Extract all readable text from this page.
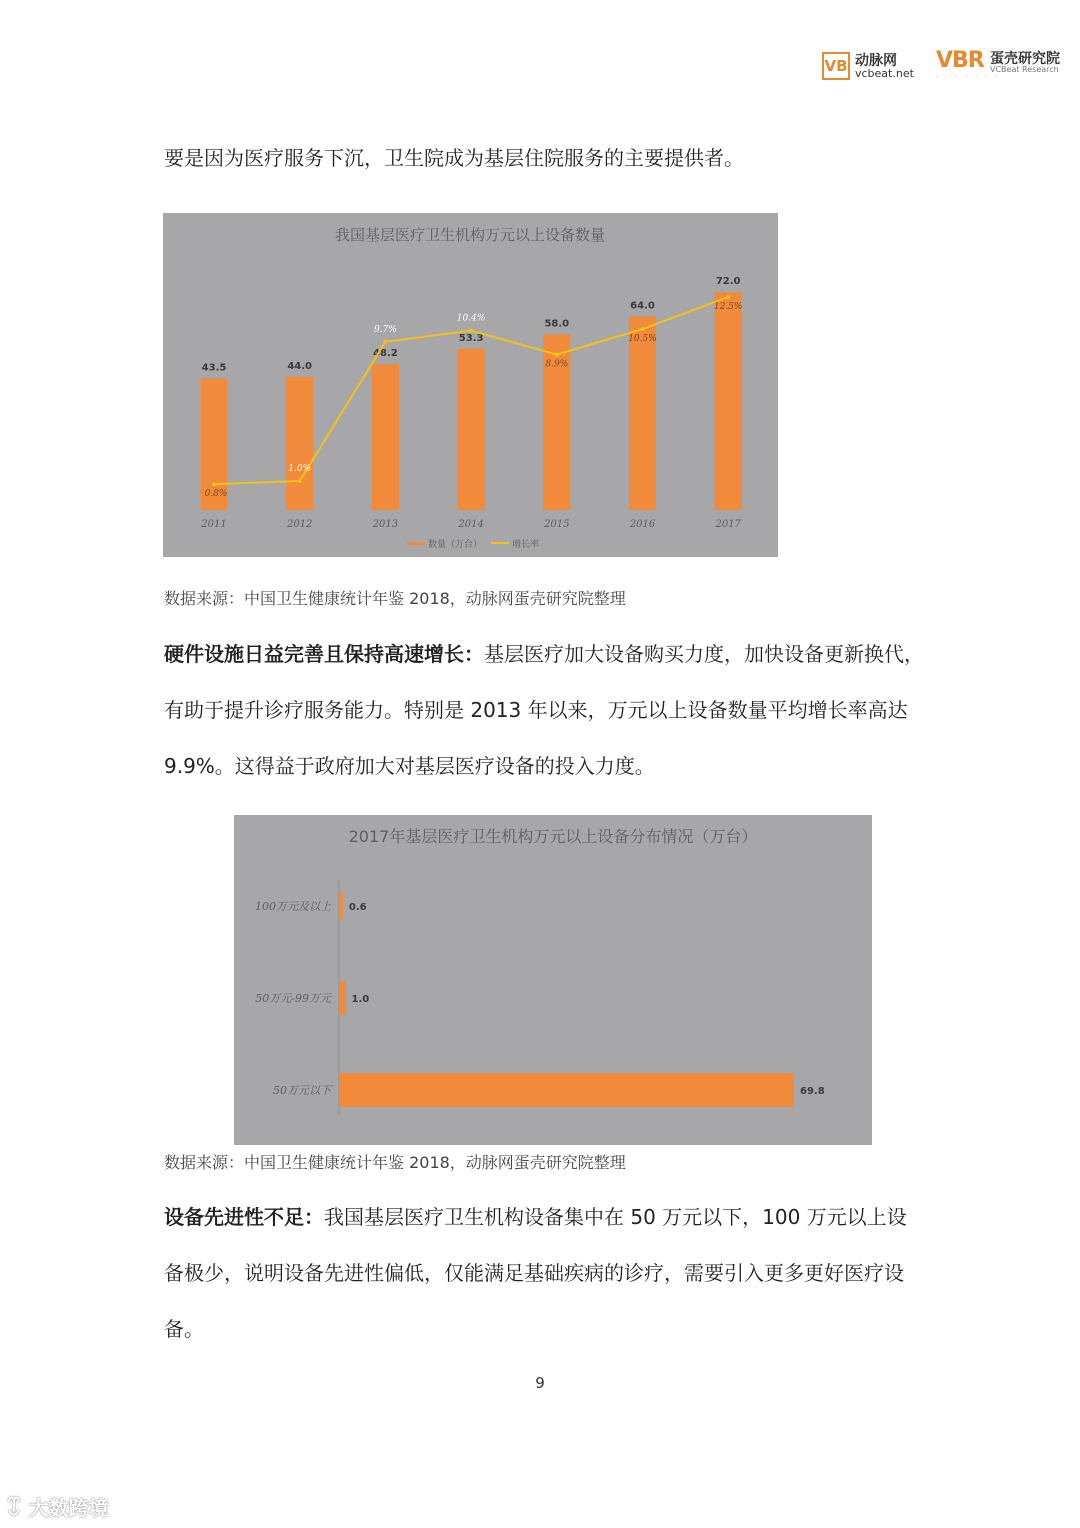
VB 动脉网
vcbeat.net
VBR 蛋壳研究院
VCBeat Research
· · · · · · ·
要是因为医疗服务下沉，卫生院成为基层住院服务的主要提供者。
我国基层医疗卫生机构万元以上设备数量
43.5	44.0
48.2
53.3
58.0
64.0
72.0
0.8%
1.0%
9.7%
10.4%
8.9%
10.5%
12.5%
2011	2012	2013	2014	2015	2016	2017
数量（万台）	增长率
数据来源：中国卫生健康统计年鉴 2018，动脉网蛋壳研究院整理
硬件设施日益完善且保持高速增长：基层医疗加大设备购买力度，加快设备更新换代，有助于提升诊疗服务能力。特别是 2013 年以来，万元以上设备数量平均增长率高达 9.9%。这得益于政府加大对基层医疗设备的投入力度。
2017年基层医疗卫生机构万元以上设备分布情况（万台）
100万元及以上 0.6
50万元-99万元 1.0
50万元以下	69.8
数据来源：中国卫生健康统计年鉴 2018，动脉网蛋壳研究院整理
设备先进性不足：我国基层医疗卫生机构设备集中在 50 万元以下，100 万元以上设备极少，说明设备先进性偏低，仅能满足基础疾病的诊疗，需要引入更多更好医疗设备。
9
ꀪ 大数跨境
